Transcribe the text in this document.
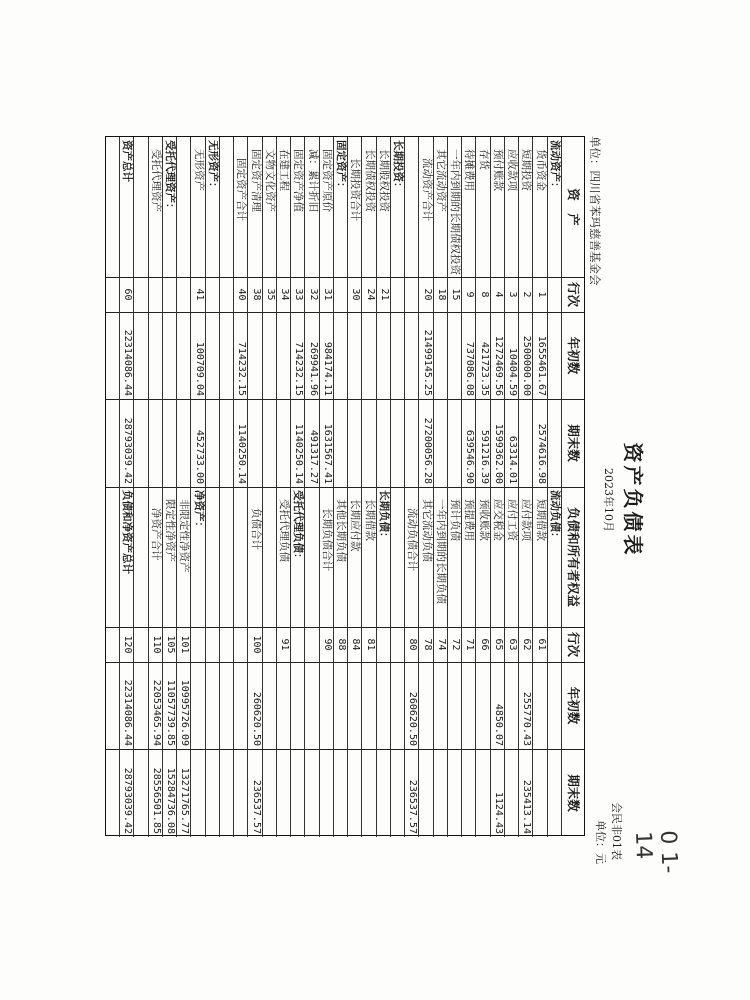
资产负债表
2023年10月
单位：四川省苯玛慈善基金会
会民非01表
单位：元
资　产
行次
年初数
期末数
负债和所有者权益
行次
年初数
期末数
流动资产：
货币资金
1
1655461.67
2574616.98
短期投资
2
2500000.00
应收款项
3
10404.59
63314.01
预付账款
4
1272469.56
1599362.00
存货
8
421723.35
591216.39
待摊费用
9
737086.08
639546.90
一年内到期的长期债权投资
15
其它流动资产
18
流动资产合计
20
21499145.25
27200056.28
长期投资：
长期股权投资
21
长期债权投资
24
长期投资合计
30
固定资产：
固定资产原价
31
984174.11
1631567.41
减：累计折旧
32
269941.96
491317.27
固定资产净值
33
714232.15
1140250.14
在建工程
34
文物文化资产
35
固定资产清理
38
固定资产合计
40
714232.15
1140250.14
无形资产：
无形资产
41
100709.04
452733.00
受托代理资产：
受托代理资产
资产总计
60
22314086.44
28793039.42
流动负债：
短期借款
61
应付款项
62
255770.43
235413.14
应付工资
63
应交税金
65
4850.07
1124.43
预收账款
66
预提费用
71
预计负债
72
一年内到期的长期负债
74
其它流动负债
78
流动负债合计
80
260620.50
236537.57
长期负债：
长期借款
81
长期应付款
84
其他长期负债
88
长期负债合计
90
受托代理负债：
受托代理负债
91
负债合计
100
260620.50
236537.57
净资产：
非限定性净资产
101
10995726.09
13271765.77
限定性净资产
105
11057739.85
15284736.08
净资产合计
110
22053465.94
28556501.85
负债和净资产总计
120
22314086.44
28793039.42
0 1-14
